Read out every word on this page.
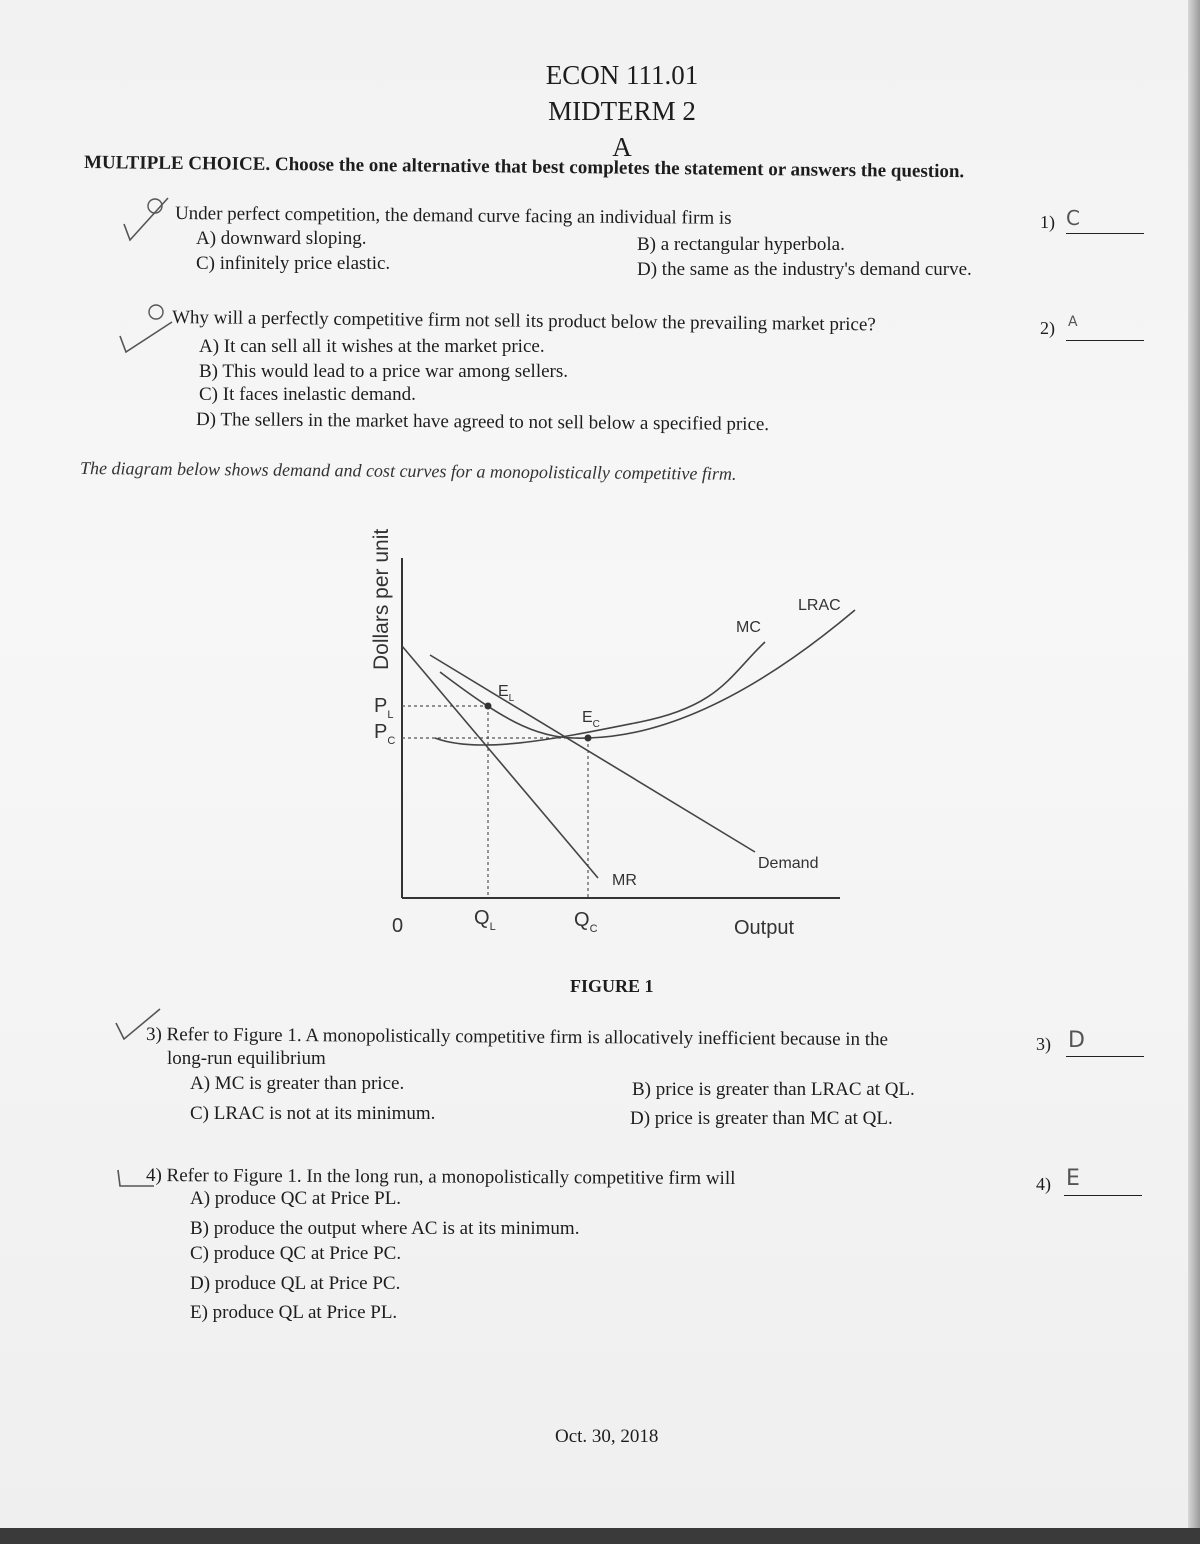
ECON 111.01
MIDTERM 2
A
MULTIPLE CHOICE. Choose the one alternative that best completes the statement or answers the question.
Under perfect competition, the demand curve facing an individual firm is
A) downward sloping.	B) a rectangular hyperbola.
C) infinitely price elastic.	D) the same as the industry's demand curve.
1) C
Why will a perfectly competitive firm not sell its product below the prevailing market price?
A) It can sell all it wishes at the market price.
B) This would lead to a price war among sellers.
C) It faces inelastic demand.
D) The sellers in the market have agreed to not sell below a specified price.
2) A
The diagram below shows demand and cost curves for a monopolistically competitive firm.
Dollars per unit
$P_L$
$P_C$
0	$Q_L$	$Q_C$
$E_L$
$E_C$
MC
LRAC
Demand
MR
Output
FIGURE 1
3) Refer to Figure 1. A monopolistically competitive firm is allocatively inefficient because in the
long-run equilibrium
A) MC is greater than price.	B) price is greater than LRAC at QL.
C) LRAC is not at its minimum.	D) price is greater than MC at QL.
3) D
4) Refer to Figure 1. In the long run, a monopolistically competitive firm will
A) produce QC at Price PL.
B) produce the output where AC is at its minimum.
C) produce QC at Price PC.
D) produce QL at Price PC.
E) produce QL at Price PL.
4) E
Oct. 30, 2018
